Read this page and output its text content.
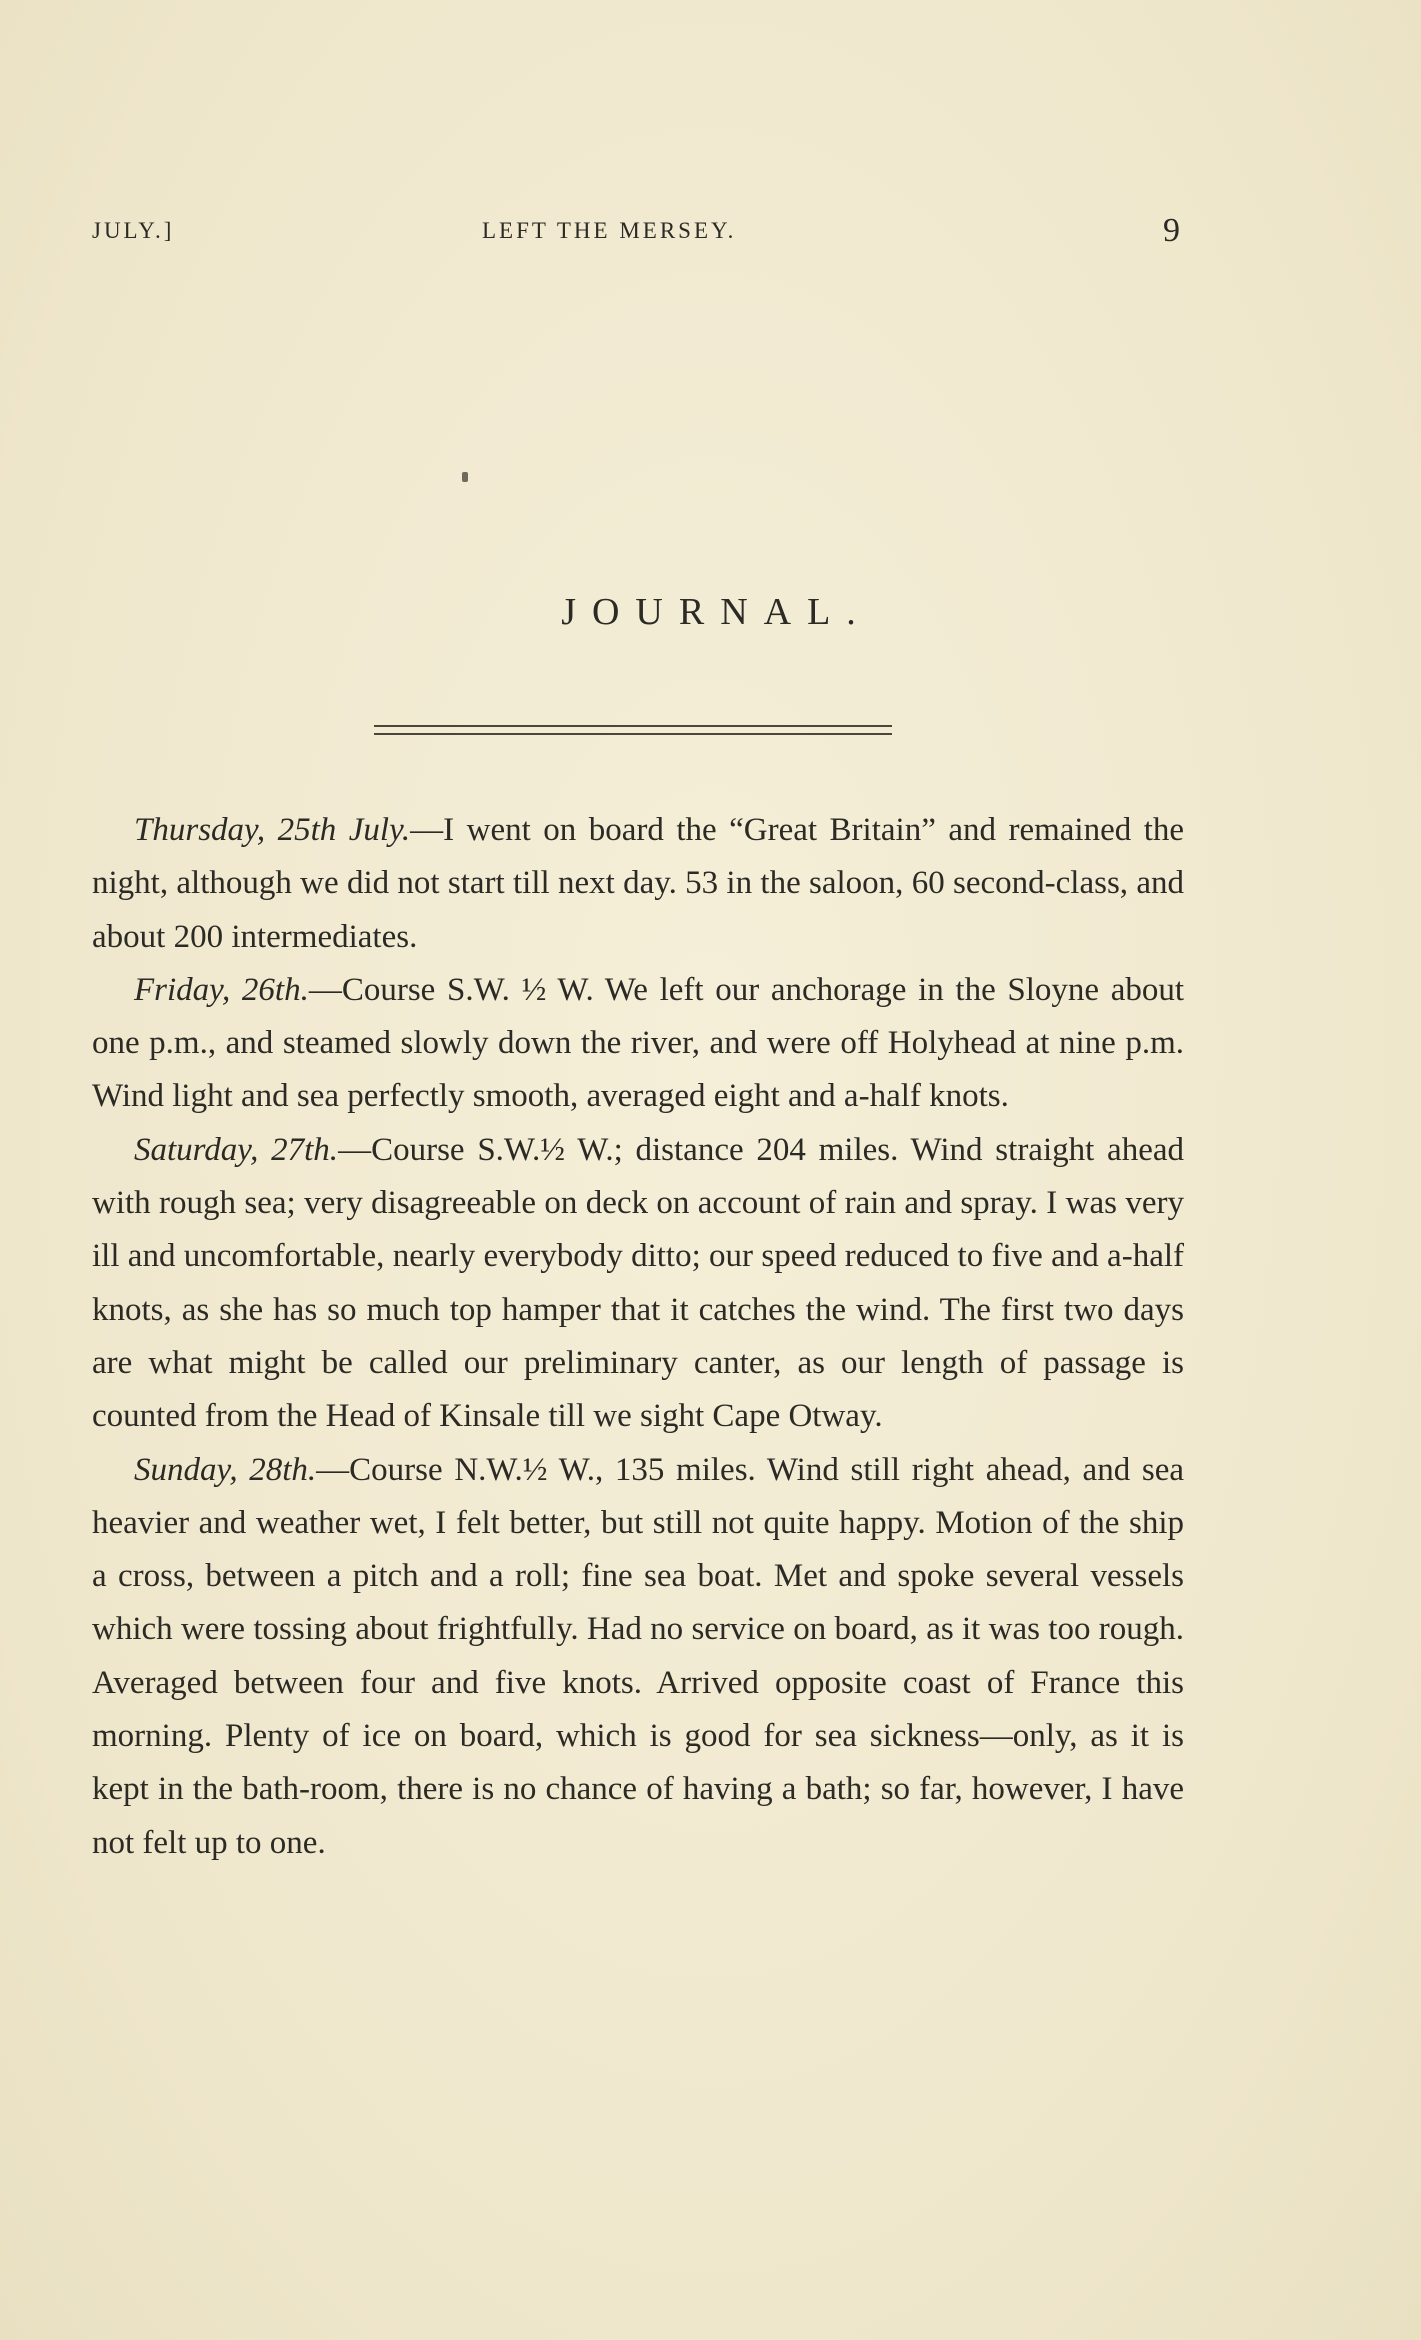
JULY.]	LEFT THE MERSEY.	9
JOURNAL.

Thursday, 25th July.—I went on board the “Great Britain” and remained the night, although we did not start till next day. 53 in the saloon, 60 second-class, and about 200 intermediates.

Friday, 26th.—Course S.W. ½ W. We left our anchorage in the Sloyne about one p.m., and steamed slowly down the river, and were off Holyhead at nine p.m. Wind light and sea perfectly smooth, averaged eight and a-half knots.

Saturday, 27th.—Course S.W.½ W.; distance 204 miles. Wind straight ahead with rough sea; very disagreeable on deck on account of rain and spray. I was very ill and uncomfortable, nearly everybody ditto; our speed reduced to five and a-half knots, as she has so much top hamper that it catches the wind. The first two days are what might be called our preliminary canter, as our length of passage is counted from the Head of Kinsale till we sight Cape Otway.

Sunday, 28th.—Course N.W.½ W., 135 miles. Wind still right ahead, and sea heavier and weather wet, I felt better, but still not quite happy. Motion of the ship a cross, between a pitch and a roll; fine sea boat. Met and spoke several vessels which were tossing about frightfully. Had no service on board, as it was too rough. Averaged between four and five knots. Arrived opposite coast of France this morning. Plenty of ice on board, which is good for sea sickness—only, as it is kept in the bath-room, there is no chance of having a bath; so far, however, I have not felt up to one.
